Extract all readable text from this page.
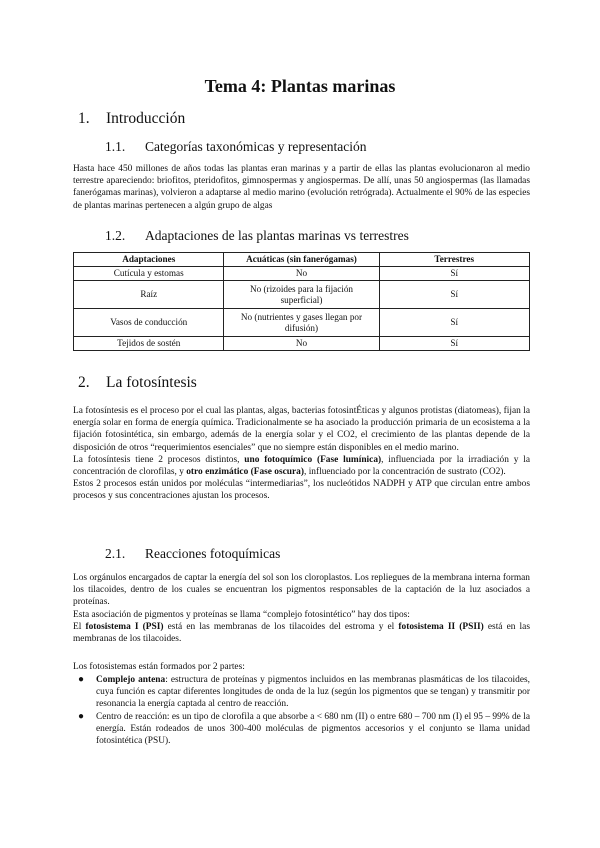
Tema 4: Plantas marinas
1. Introducción
1.1. Categorías taxonómicas y representación

Hasta hace 450 millones de años todas las plantas eran marinas y a partir de ellas las plantas evolucionaron al medio terrestre apareciendo: briofitos, pteridofitos, gimnospermas y angiospermas. De allí, unas 50 angiospermas (las llamadas fanerógamas marinas), volvieron a adaptarse al medio marino (evolución retrógrada). Actualmente el 90% de las especies de plantas marinas pertenecen a algún grupo de algas

1.2. Adaptaciones de las plantas marinas vs terrestres
Adaptaciones	Acuáticas (sin fanerógamas)	Terrestres
Cutícula y estomas	No	Sí
Raíz	No (rizoides para la fijación superficial)	Sí
Vasos de conducción	No (nutrientes y gases llegan por difusión)	Sí
Tejidos de sostén	No	Sí
2. La fotosíntesis

La fotosíntesis es el proceso por el cual las plantas, algas, bacterias fotosintÉticas y algunos protistas (diatomeas), fijan la energía solar en forma de energía química. Tradicionalmente se ha asociado la producción primaria de un ecosistema a la fijación fotosintética, sin embargo, además de la energía solar y el CO2, el crecimiento de las plantas depende de la disposición de otros “requerimientos esenciales” que no siempre están disponibles en el medio marino.

La fotosíntesis tiene 2 procesos distintos, uno fotoquímico (Fase lumínica), influenciada por la irradiación y la concentración de clorofilas, y otro enzimático (Fase oscura), influenciado por la concentración de sustrato (CO2).

Estos 2 procesos están unidos por moléculas “intermediarias”, los nucleótidos NADPH y ATP que circulan entre ambos procesos y sus concentraciones ajustan los procesos.

2.1. Reacciones fotoquímicas

Los orgánulos encargados de captar la energía del sol son los cloroplastos. Los repliegues de la membrana interna forman los tilacoides, dentro de los cuales se encuentran los pigmentos responsables de la captación de la luz asociados a proteínas.

Esta asociación de pigmentos y proteínas se llama “complejo fotosintético” hay dos tipos:

El fotosistema I (PSI) está en las membranas de los tilacoides del estroma y el fotosistema II (PSII) está en las membranas de los tilacoides.

Los fotosistemas están formados por 2 partes:

● Complejo antena: estructura de proteínas y pigmentos incluidos en las membranas plasmáticas de los tilacoides, cuya función es captar diferentes longitudes de onda de la luz (según los pigmentos que se tengan) y transmitir por resonancia la energía captada al centro de reacción.
● Centro de reacción: es un tipo de clorofila a que absorbe a < 680 nm (II) o entre 680 – 700 nm (I) el 95 – 99% de la energía. Están rodeados de unos 300-400 moléculas de pigmentos accesorios y el conjunto se llama unidad fotosintética (PSU).
